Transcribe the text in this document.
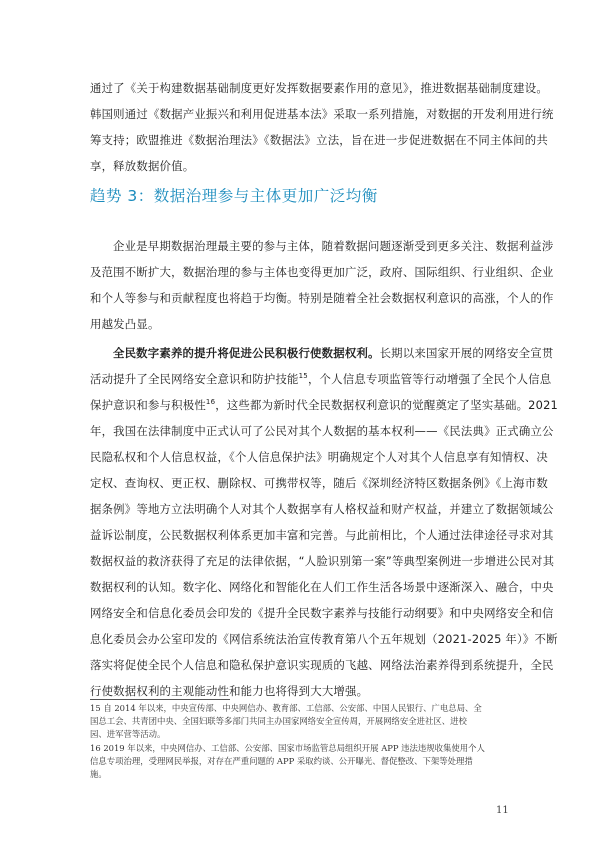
通过了《关于构建数据基础制度更好发挥数据要素作用的意见》，推进数据基础制度建设。
韩国则通过《数据产业振兴和利用促进基本法》采取一系列措施，对数据的开发利用进行统
筹支持；欧盟推进《数据治理法》《数据法》立法，旨在进一步促进数据在不同主体间的共
享，释放数据价值。
趋势 3：数据治理参与主体更加广泛均衡
企业是早期数据治理最主要的参与主体，随着数据问题逐渐受到更多关注、数据利益涉
及范围不断扩大，数据治理的参与主体也变得更加广泛，政府、国际组织、行业组织、企业
和个人等参与和贡献程度也将趋于均衡。特别是随着全社会数据权利意识的高涨，个人的作
用越发凸显。
全民数字素养的提升将促进公民积极行使数据权利。长期以来国家开展的网络安全宣贯
活动提升了全民网络安全意识和防护技能$^{15}$，个人信息专项监管等行动增强了全民个人信息
保护意识和参与积极性$^{16}$，这些都为新时代全民数据权利意识的觉醒奠定了坚实基础。2021
年，我国在法律制度中正式认可了公民对其个人数据的基本权利——《民法典》正式确立公
民隐私权和个人信息权益，《个人信息保护法》明确规定个人对其个人信息享有知情权、决
定权、查询权、更正权、删除权、可携带权等，随后《深圳经济特区数据条例》《上海市数
据条例》等地方立法明确个人对其个人数据享有人格权益和财产权益，并建立了数据领域公
益诉讼制度，公民数据权利体系更加丰富和完善。与此前相比，个人通过法律途径寻求对其
数据权益的救济获得了充足的法律依据，“人脸识别第一案”等典型案例进一步增进公民对其
数据权利的认知。数字化、网络化和智能化在人们工作生活各场景中逐渐深入、融合，中央
网络安全和信息化委员会印发的《提升全民数字素养与技能行动纲要》和中央网络安全和信
息化委员会办公室印发的《网信系统法治宣传教育第八个五年规划（2021-2025 年）》不断
落实将促使全民个人信息和隐私保护意识实现质的飞越、网络法治素养得到系统提升，全民
行使数据权利的主观能动性和能力也将得到大大增强。
15 自 2014 年以来，中央宣传部、中央网信办、教育部、工信部、公安部、中国人民银行、广电总局、全
国总工会、共青团中央、全国妇联等多部门共同主办国家网络安全宣传周，开展网络安全进社区、进校
园、进军营等活动。
16 2019 年以来，中央网信办、工信部、公安部、国家市场监管总局组织开展 APP 违法违规收集使用个人
信息专项治理，受理网民举报，对存在严重问题的 APP 采取约谈、公开曝光、督促整改、下架等处理措
施。
11
